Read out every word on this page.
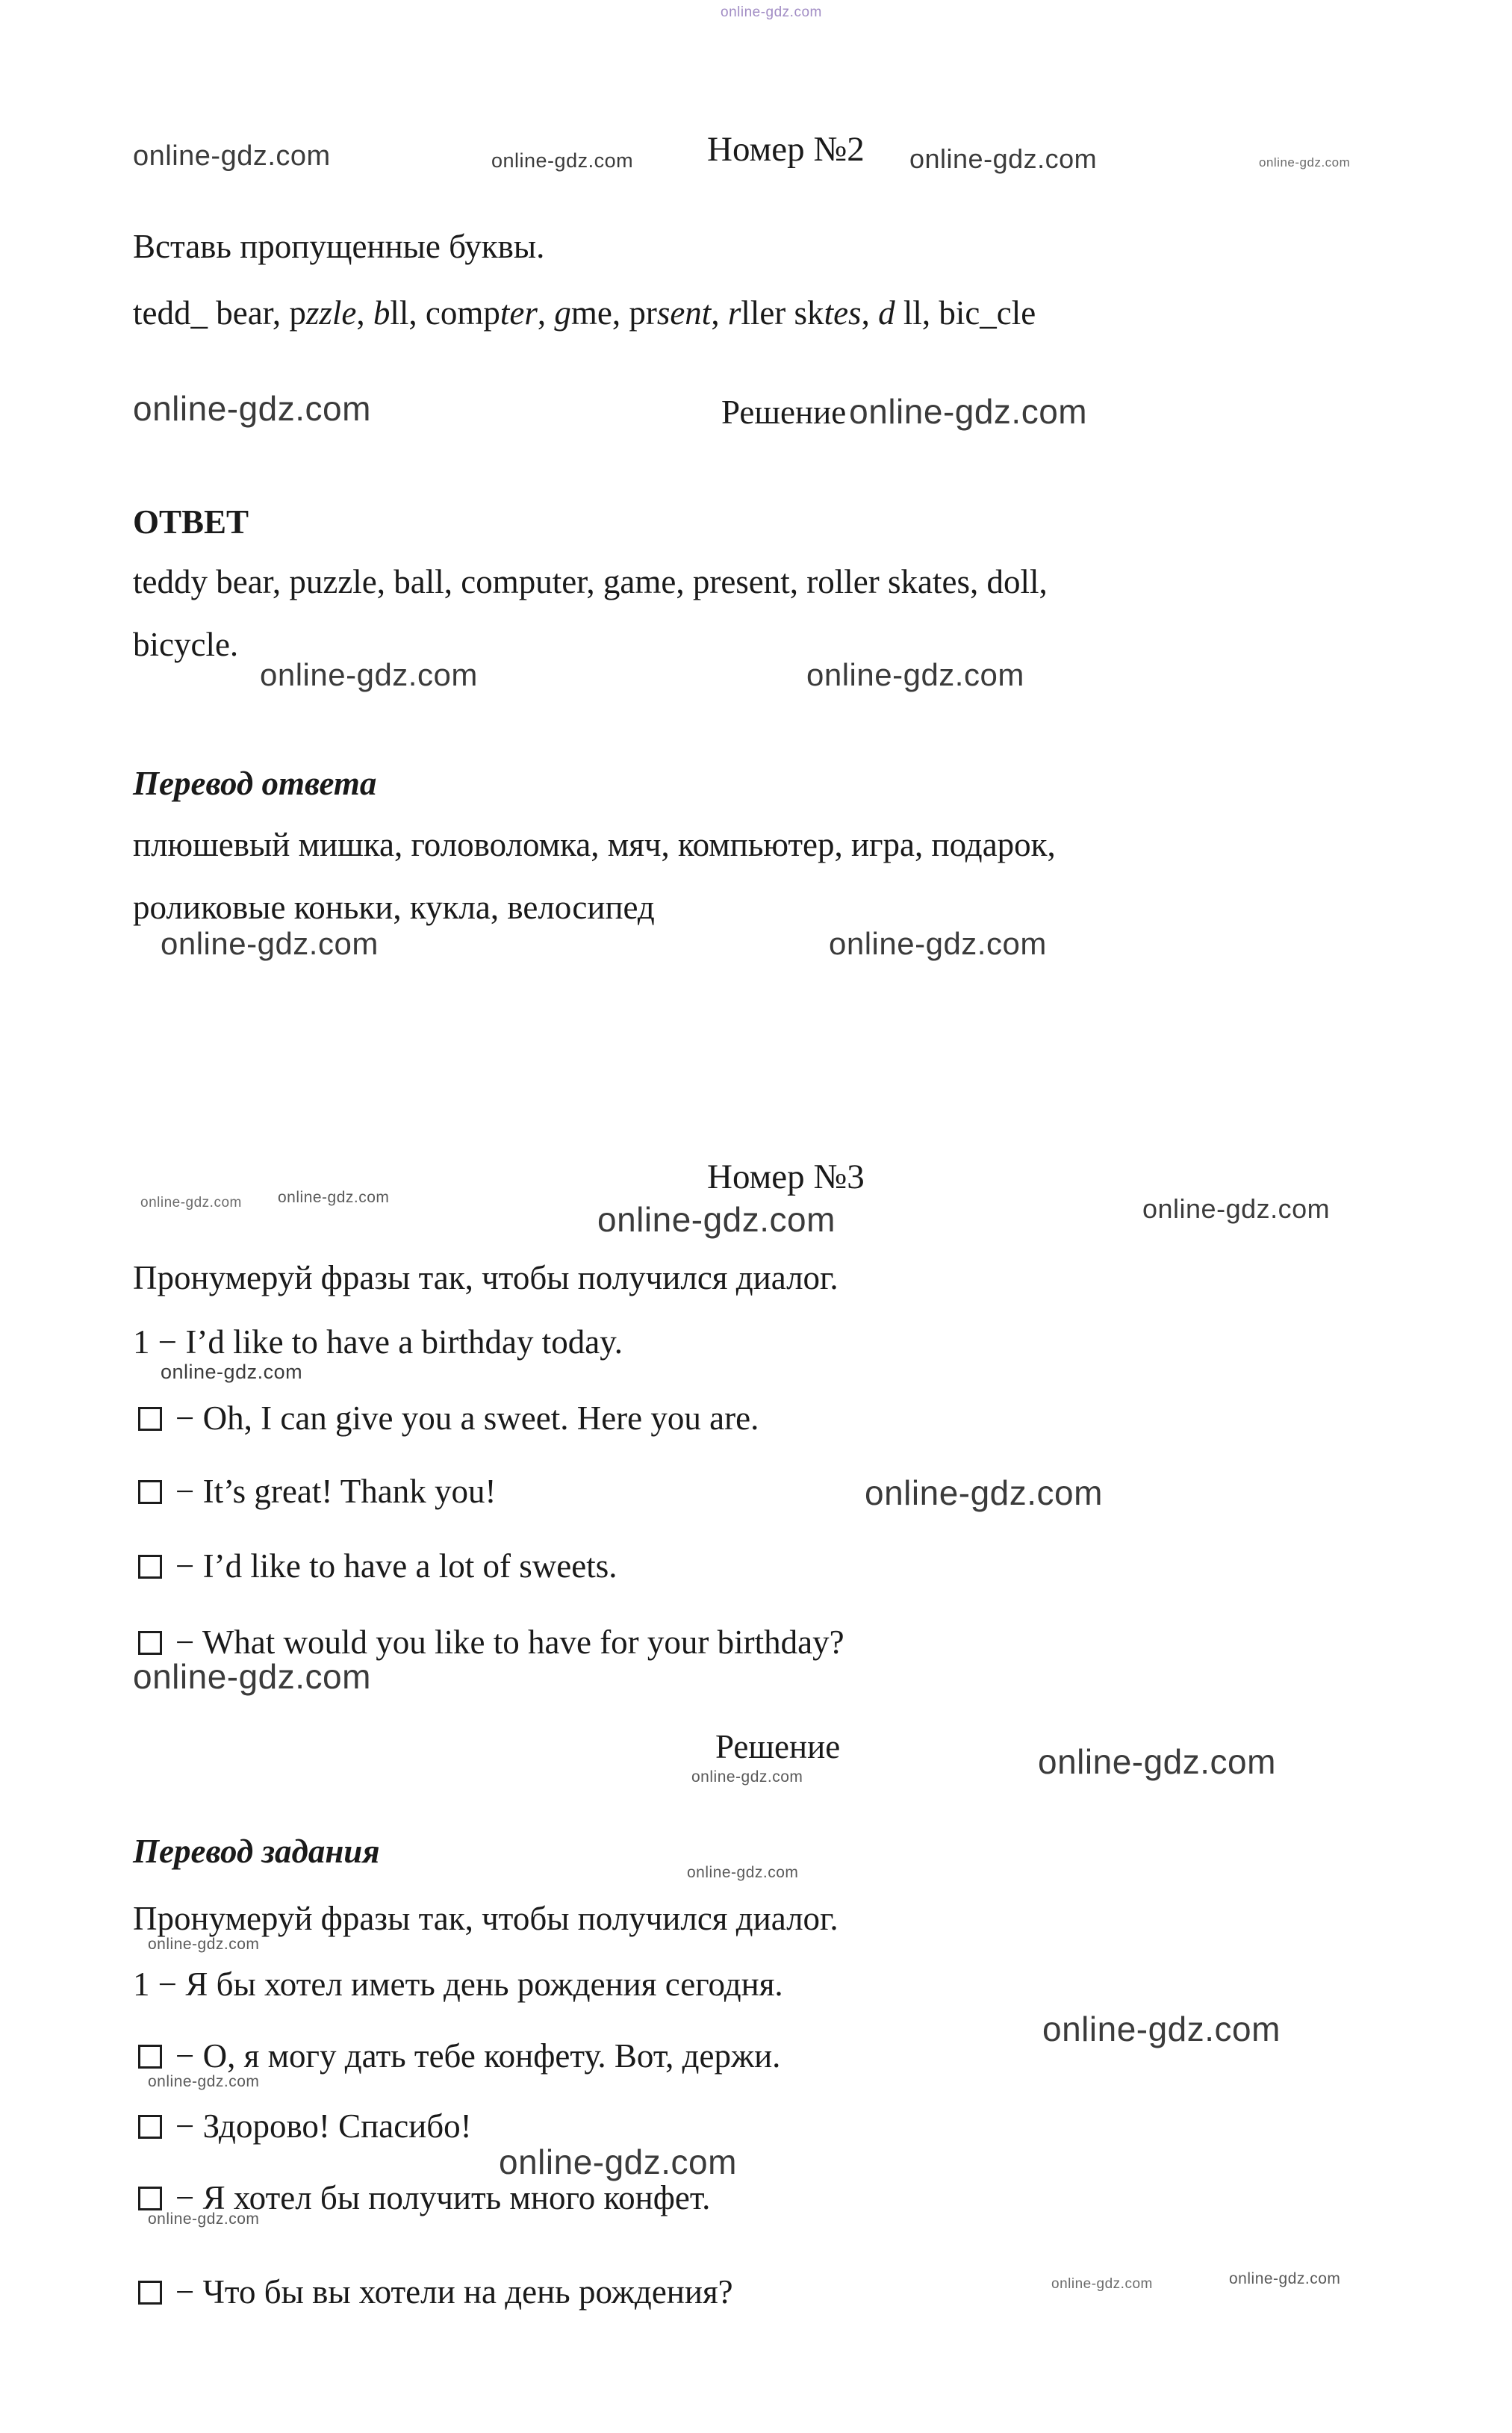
online-gdz.com
online-gdz.com	online-gdz.com Номер №2 online-gdz.com	online-gdz.com
Вставь пропущенные буквы.
tedd_ bear, pzzle, bll, compter, gme, prsent, rller sktes, d ll, bic_cle
online-gdz.com	Решение online-gdz.com
ОТВЕТ
teddy bear, puzzle, ball, computer, game, present, roller skates, doll,
bicycle.
online-gdz.com	online-gdz.com
Перевод ответа
плюшевый мишка, головоломка, мяч, компьютер, игра, подарок,
роликовые коньки, кукла, велосипед
online-gdz.com	online-gdz.com
Номер №3
online-gdz.com online-gdz.com
online-gdz.com	online-gdz.com
Пронумеруй фразы так, чтобы получился диалог.
1 − I’d like to have a birthday today.
online-gdz.com
− Oh, I can give you a sweet. Here you are.
− It’s great! Thank you!	online-gdz.com
− I’d like to have a lot of sweets.
− What would you like to have for your birthday?
online-gdz.com
Решение
online-gdz.com	online-gdz.com
Перевод задания
online-gdz.com
Пронумеруй фразы так, чтобы получился диалог.
online-gdz.com
1 − Я бы хотел иметь день рождения сегодня.
online-gdz.com
− О, я могу дать тебе конфету. Вот, держи.
online-gdz.com
− Здорово! Спасибо!
online-gdz.com
− Я хотел бы получить много конфет.
online-gdz.com
− Что бы вы хотели на день рождения?	online-gdz.com	online-gdz.com
